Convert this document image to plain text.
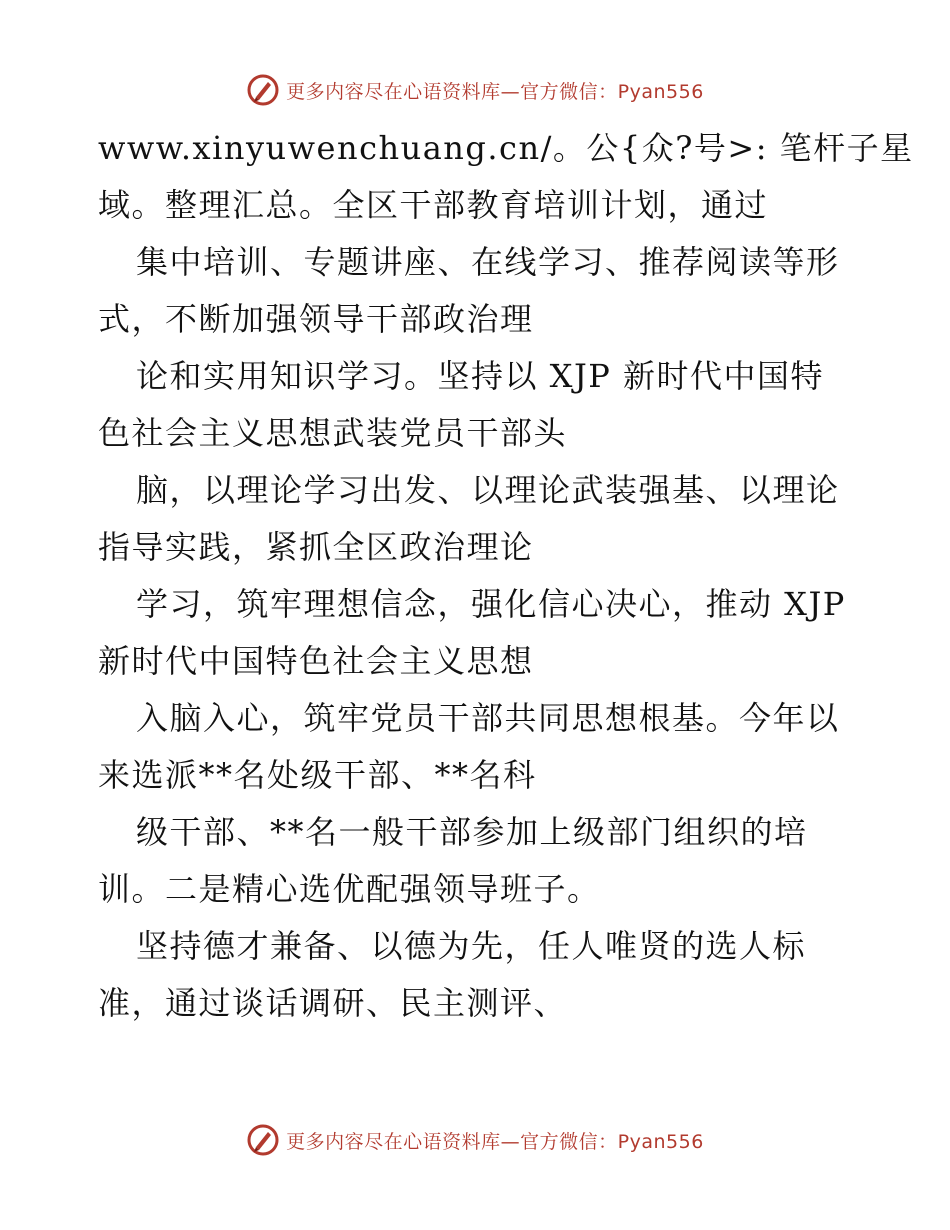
更多内容尽在心语资料库—官方微信：Pyan556
www.xinyuwenchuang.cn/。公{众?号>: 笔杆子星
域。整理汇总。全区干部教育培训计划，通过
集中培训、专题讲座、在线学习、推荐阅读等形
式，不断加强领导干部政治理
论和实用知识学习。坚持以 XJP 新时代中国特
色社会主义思想武装党员干部头
脑，以理论学习出发、以理论武装强基、以理论
指导实践，紧抓全区政治理论
学习，筑牢理想信念，强化信心决心，推动 XJP
新时代中国特色社会主义思想
入脑入心，筑牢党员干部共同思想根基。今年以
来选派**名处级干部、**名科
级干部、**名一般干部参加上级部门组织的培
训。二是精心选优配强领导班子。
坚持德才兼备、以德为先，任人唯贤的选人标
准，通过谈话调研、民主测评、
更多内容尽在心语资料库—官方微信：Pyan556
